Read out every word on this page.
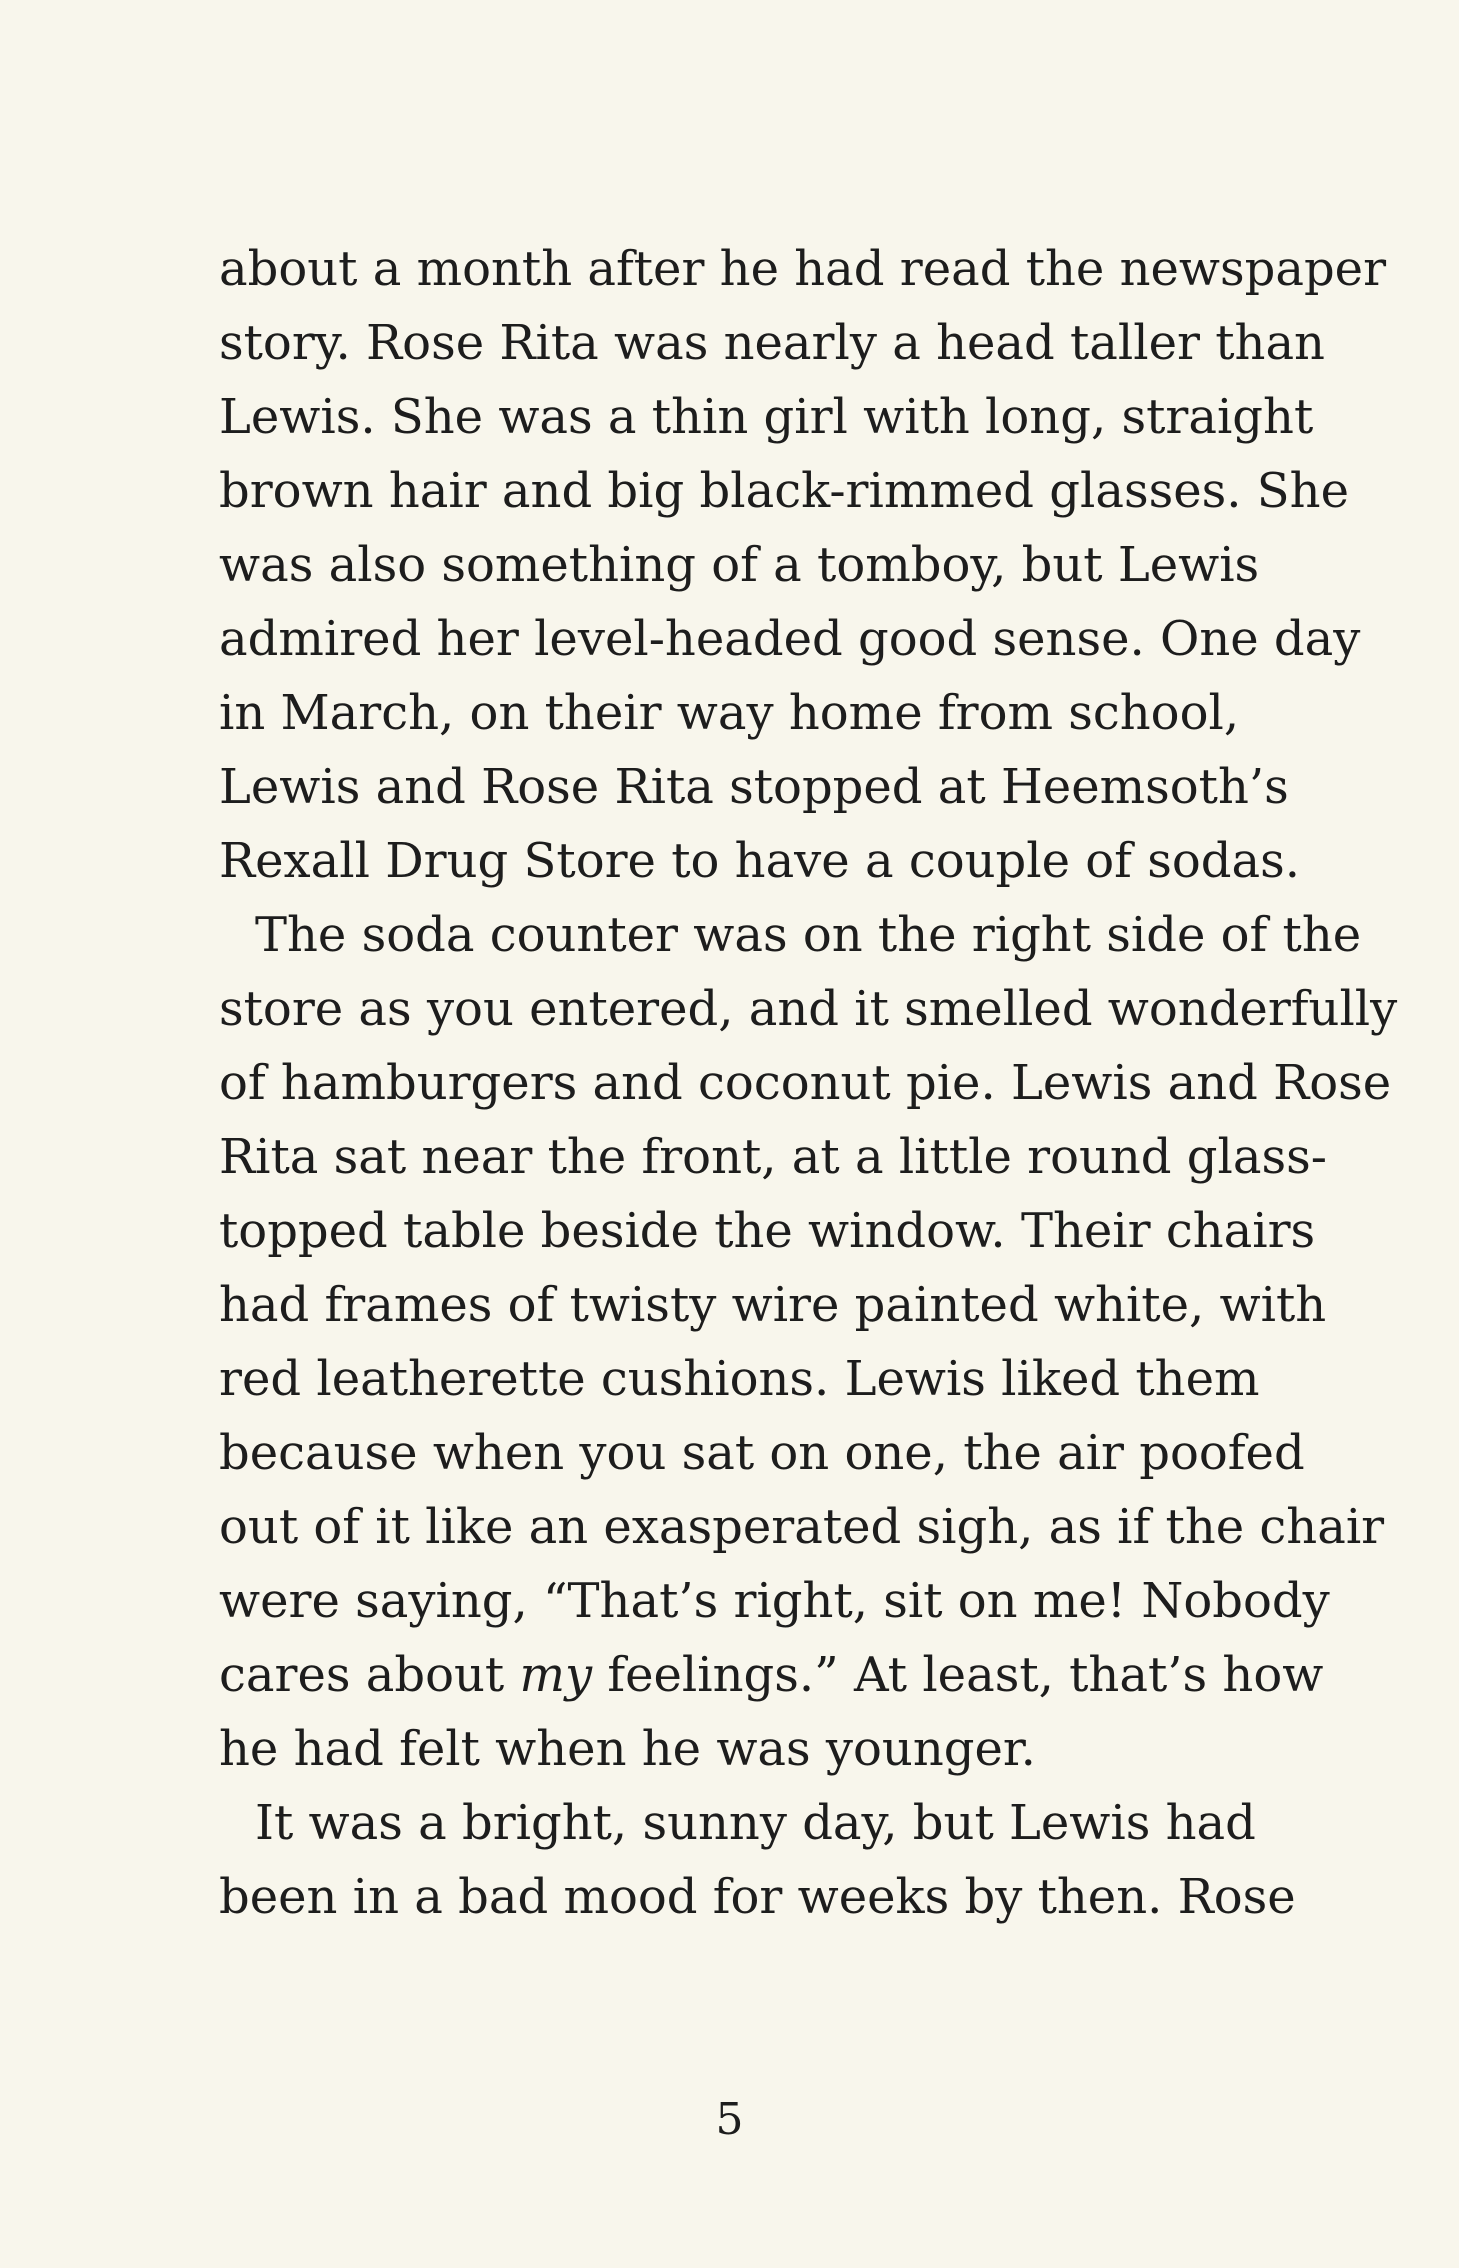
about a month after he had read the newspaper
story. Rose Rita was nearly a head taller than
Lewis. She was a thin girl with long, straight
brown hair and big black-rimmed glasses. She
was also something of a tomboy, but Lewis
admired her level-headed good sense. One day
in March, on their way home from school,
Lewis and Rose Rita stopped at Heemsoth’s
Rexall Drug Store to have a couple of sodas.
The soda counter was on the right side of the
store as you entered, and it smelled wonderfully
of hamburgers and coconut pie. Lewis and Rose
Rita sat near the front, at a little round glass-
topped table beside the window. Their chairs
had frames of twisty wire painted white, with
red leatherette cushions. Lewis liked them
because when you sat on one, the air poofed
out of it like an exasperated sigh, as if the chair
were saying, “That’s right, sit on me! Nobody
cares about my feelings.” At least, that’s how
he had felt when he was younger.
It was a bright, sunny day, but Lewis had
been in a bad mood for weeks by then. Rose
5
